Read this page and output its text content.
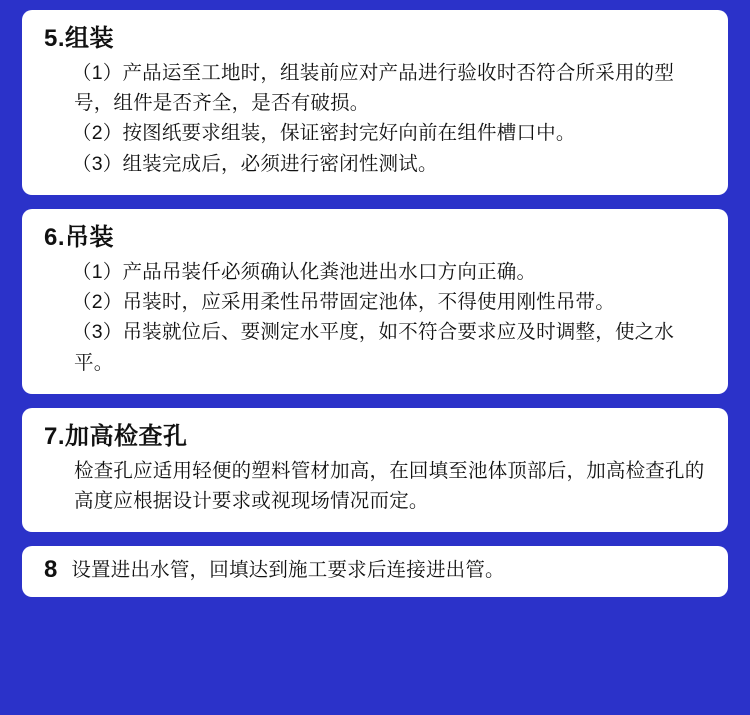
5.组装

（1）产品运至工地时，组装前应对产品进行验收时否符合所采用的型号，组件是否齐全，是否有破损。

（2）按图纸要求组装，保证密封完好向前在组件槽口中。

（3）组装完成后，必须进行密闭性测试。

6.吊装

（1）产品吊装仟必须确认化粪池进出水口方向正确。

（2）吊装时，应采用柔性吊带固定池体，不得使用刚性吊带。

（3）吊装就位后、要测定水平度，如不符合要求应及时调整，使之水平。

7.加高检查孔

检查孔应适用轻便的塑料管材加高，在回填至池体顶部后，加高检查孔的高度应根据设计要求或视现场情况而定。

8 设置进出水管，回填达到施工要求后连接进出管。
